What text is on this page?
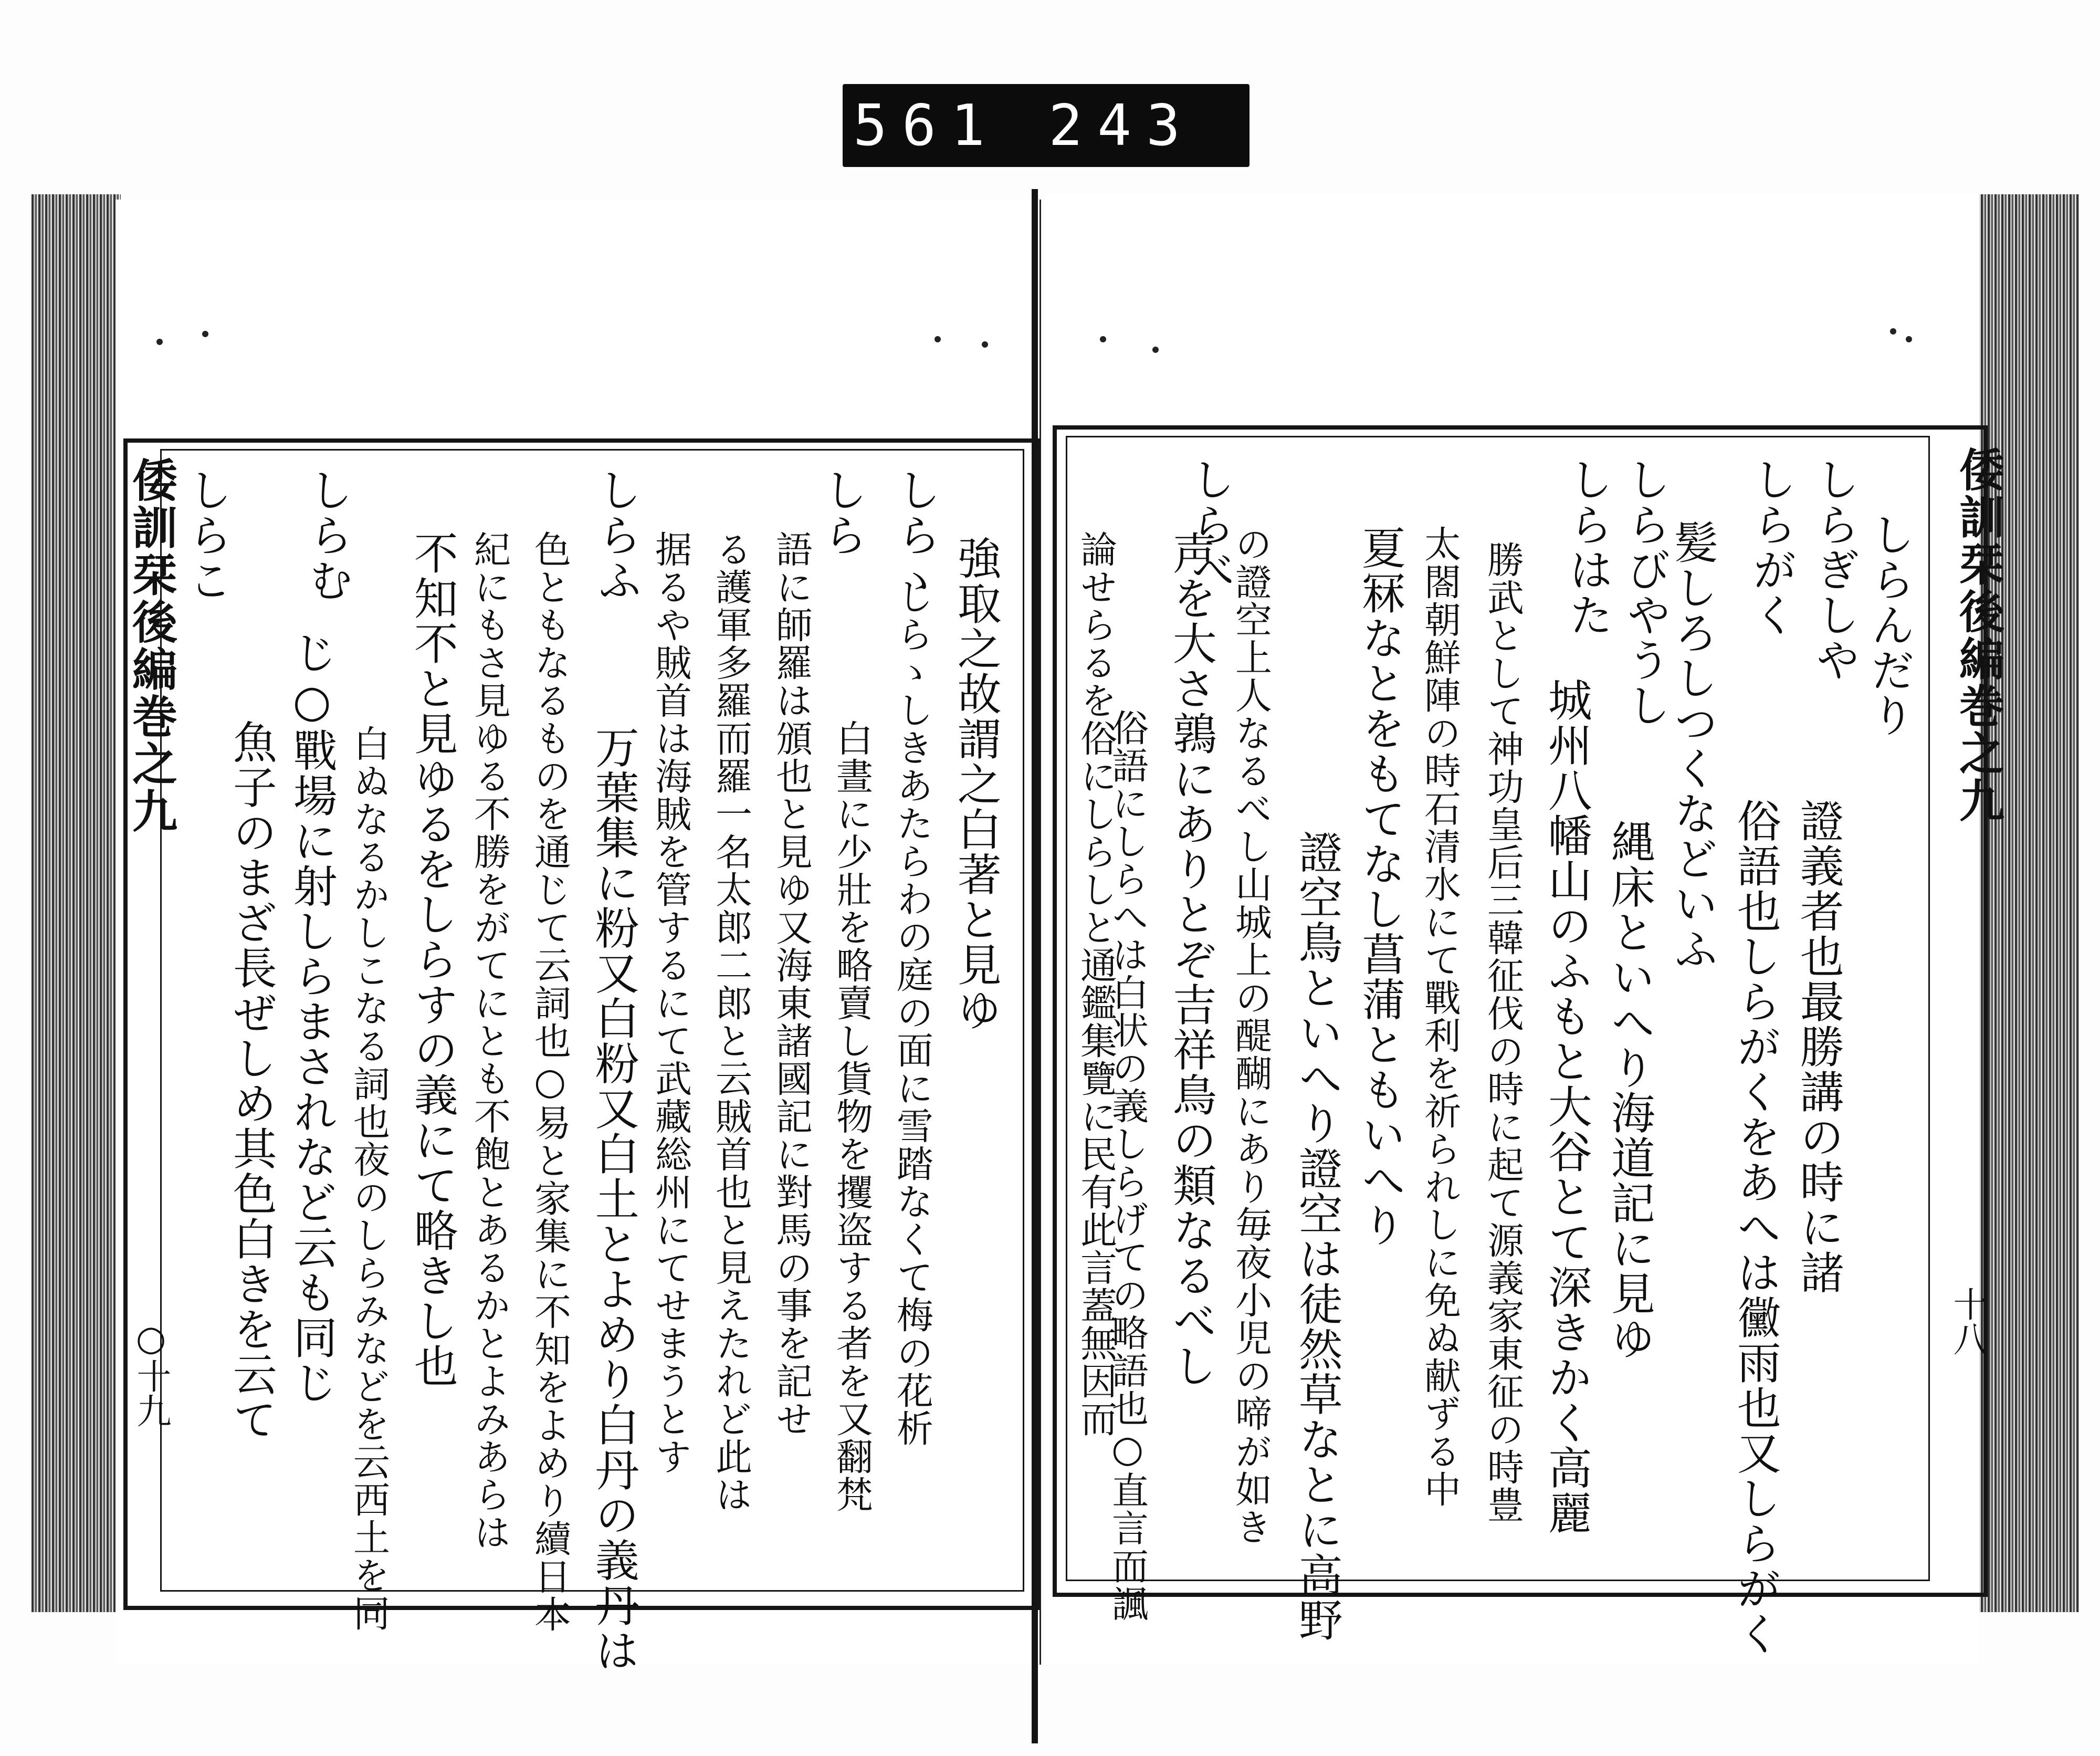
561 243
倭訓栞後編巻之九	倭訓栞後編巻之九
○十九	十八
しらんだり
證義者也最勝講の時に諸
俗語也しらがくをあへは黴雨也又しらがく
髪しろしつくなどいふ
縄床といへり海道記に見ゆ
城州八幡山のふもと大谷とて深きかく高麗
勝武として神功皇后三韓征伐の時に起て源義家東征の時豊
太閤朝鮮陣の時石清水にて戰利を祈られしに免ぬ献ずる中
夏冧なとをもてなし菖蒲ともいへり
證空鳥といへり證空は徒然草なとに高野
の證空上人なるべし山城上の醍醐にあり毎夜小児の啼が如き
声を大さ鶉にありとぞ吉祥鳥の類なるべし
俗語にしらへは白状の義しらげての略語也○直言而諷
論せらるを俗にしらしと通鑑集覽に民有此言蓋無因而
強取之故謂之白著と見ゆ
しらゝしきあたらわの庭の面に雪踏なくて梅の花析
白晝に少壯を略賣し貨物を攫盗する者を又翻梵
語に師羅は頒也と見ゆ又海東諸國記に對馬の事を記せ
る護軍多羅而羅一名太郎二郎と云賊首也と見えたれど此は
据るや賊首は海賊を管するにて武藏総州にてせまうとす
万葉集に粉又白粉又白土とよめり白丹の義丹は
色ともなるものを通じて云詞也○易と家集に不知をよめり續日本
紀にもさ見ゆる不勝をがてにとも不飽とあるかとよみあらは
不知不と見ゆるをしらすの義にて略きし也
白ぬなるかしこなる詞也夜のしらみなどを云西土を同
じ○戰場に射しらまされなど云も同じ
魚子のまざ長ぜしめ其色白きを云て
しらぎしや
しらがく
しらびやうし
しらはた
しらべ
しらゝ
しら
しらふ
しらむ
しらこ
